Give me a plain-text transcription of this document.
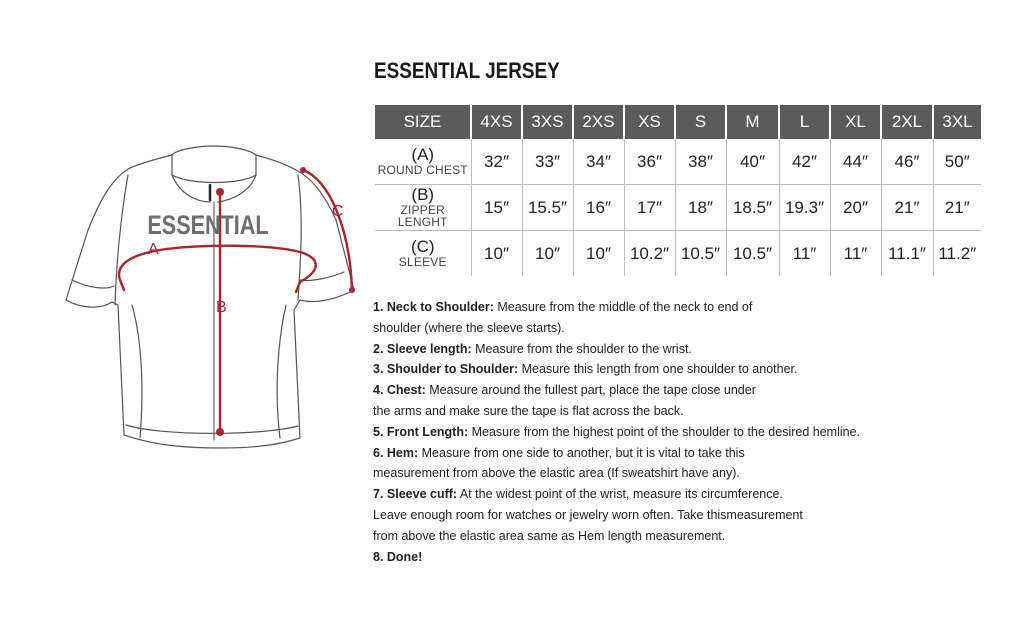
ESSENTIAL
A
B
C
ESSENTIAL JERSEY
SIZE	4XS	3XS	2XS	XS	S	M	L	XL	2XL	3XL

(A)
ROUND CHEST	32″	33″	34″	36″	38″	40″	42″	44″	46″	50″

(B)
ZIPPER LENGHT	15″	15.5″	16″	17″	18″	18.5″	19.3″	20″	21″	21″

(C)
SLEEVE	10″	10″	10″	10.2″	10.5″	10.5″	11″	11″	11.1″	11.2″
1. Neck to Shoulder: Measure from the middle of the neck to end of
shoulder (where the sleeve starts).
2. Sleeve length: Measure from the shoulder to the wrist.
3. Shoulder to Shoulder: Measure this length from one shoulder to another.
4. Chest: Measure around the fullest part, place the tape close under
the arms and make sure the tape is flat across the back.
5. Front Length: Measure from the highest point of the shoulder to the desired hemline.
6. Hem: Measure from one side to another, but it is vital to take this
measurement from above the elastic area (If sweatshirt have any).
7. Sleeve cuff: At the widest point of the wrist, measure its circumference.
Leave enough room for watches or jewelry worn often. Take thismeasurement
from above the elastic area same as Hem length measurement.
8. Done!
